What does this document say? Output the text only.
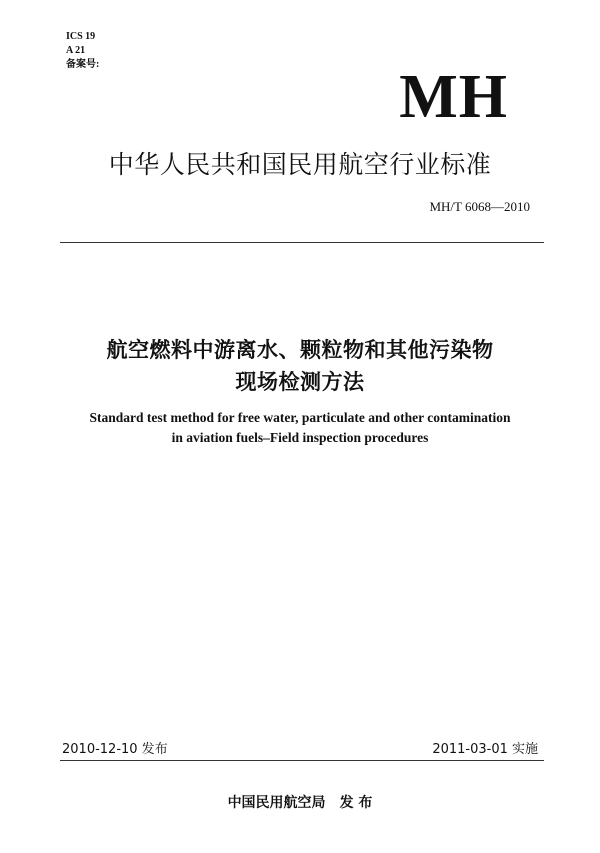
ICS 19
A 21
备案号:	MH
中华人民共和国民用航空行业标准
MH/T 6068—2010
航空燃料中游离水、颗粒物和其他污染物
现场检测方法
Standard test method for free water, particulate and other contamination
in aviation fuels–Field inspection procedures
2010-12-10 发布	2011-03-01 实施
中国民用航空局 发 布
